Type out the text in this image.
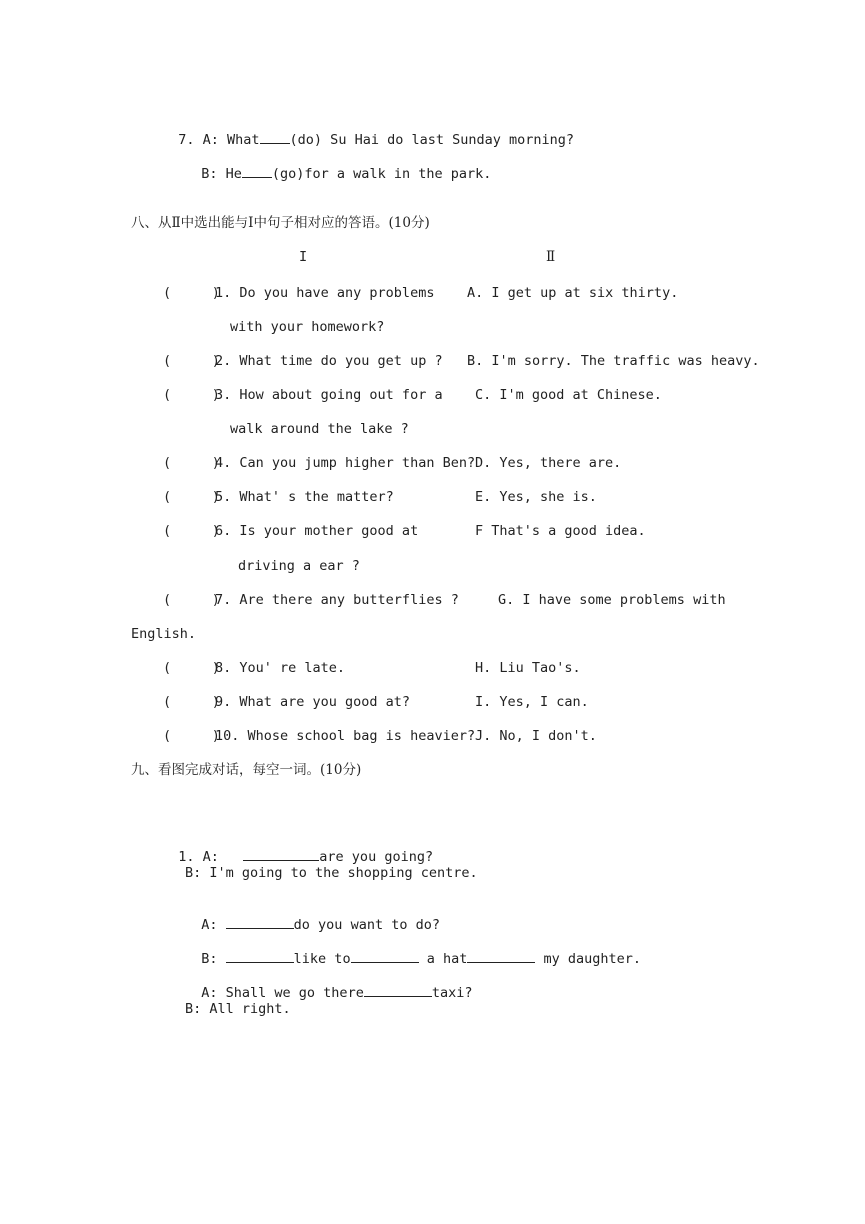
7. A: What (do) Su Hai do last Sunday morning?

B: He (go)for a walk in the park.

八、从Ⅱ中选出能与I中句子相对应的答语。(10分)
I	Ⅱ
(     )
1. Do you have any problems A. I get up at six thirty.
with your homework?
(     )
2. What time do you get up ? B. I'm sorry. The traffic was heavy.
(     )
3. How about going out for a C. I'm good at Chinese.
walk around the lake ?
(     )
4. Can you jump higher than Ben? D. Yes, there are.
(     )
5. What' s the matter?	E. Yes, she is.
(     )
6. Is your mother good at	F That's a good idea.
driving a ear ?
(     )
7. Are there any butterflies ?	G. I have some problems with
English.
(     )
8. You' re late.	H. Liu Tao's.
(     )
9. What are you good at?	I. Yes, I can.
(     )
10. Whose school bag is heavier? J. No, I don't.
九、看图完成对话，每空一词。(10分)

1. A:	are you going?

B: I'm going to the shopping centre.

A:	do you want to do?

B:	like to	a hat	my daughter.

A: Shall we go there	taxi?

B: All right.
